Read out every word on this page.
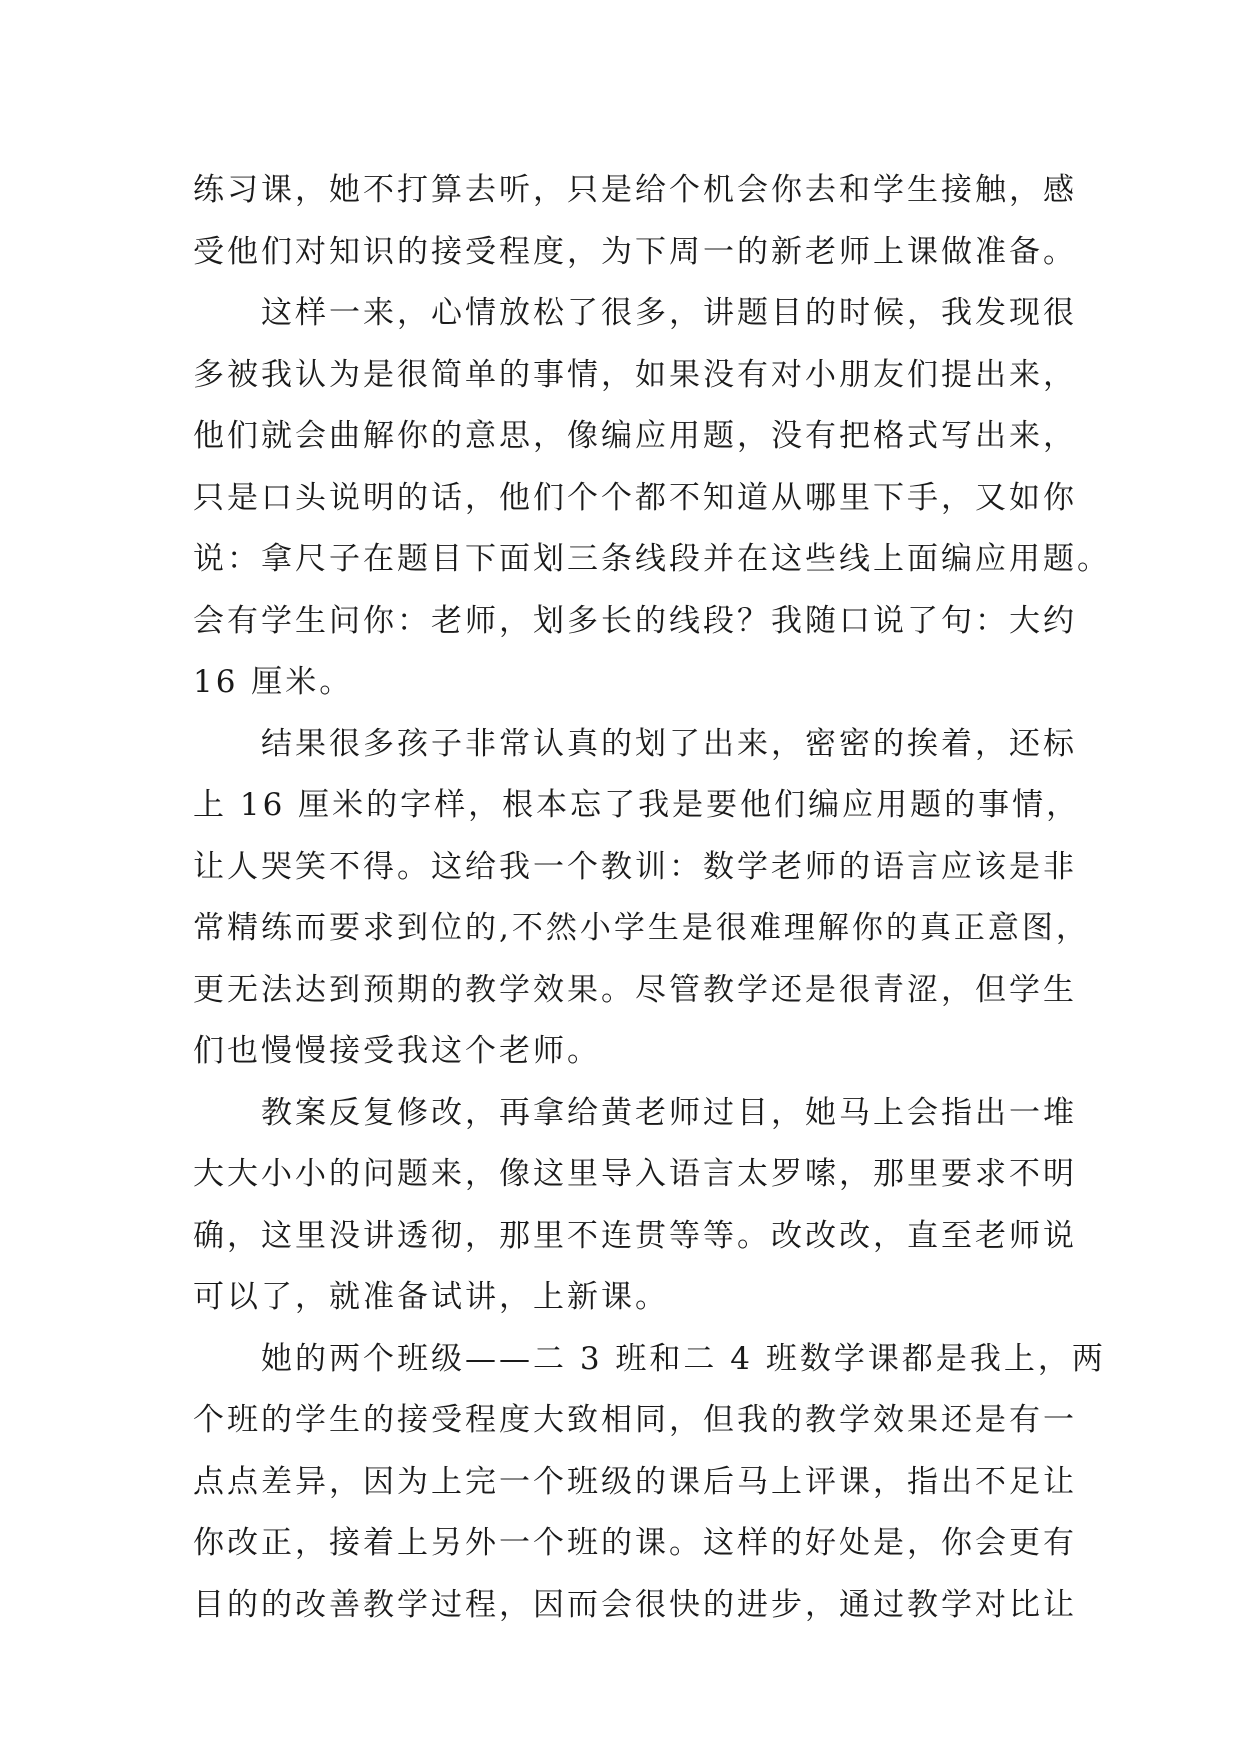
练习课，她不打算去听，只是给个机会你去和学生接触，感
受他们对知识的接受程度，为下周一的新老师上课做准备。
这样一来，心情放松了很多，讲题目的时候，我发现很
多被我认为是很简单的事情，如果没有对小朋友们提出来，
他们就会曲解你的意思，像编应用题，没有把格式写出来，
只是口头说明的话，他们个个都不知道从哪里下手，又如你
说：拿尺子在题目下面划三条线段并在这些线上面编应用题。
会有学生问你：老师，划多长的线段？我随口说了句：大约
16 厘米。
结果很多孩子非常认真的划了出来，密密的挨着，还标
上 16 厘米的字样，根本忘了我是要他们编应用题的事情，
让人哭笑不得。这给我一个教训：数学老师的语言应该是非
常精练而要求到位的,不然小学生是很难理解你的真正意图，
更无法达到预期的教学效果。尽管教学还是很青涩，但学生
们也慢慢接受我这个老师。
教案反复修改，再拿给黄老师过目，她马上会指出一堆
大大小小的问题来，像这里导入语言太罗嗦，那里要求不明
确，这里没讲透彻，那里不连贯等等。改改改，直至老师说
可以了，就准备试讲，上新课。
她的两个班级——二 3 班和二 4 班数学课都是我上，两
个班的学生的接受程度大致相同，但我的教学效果还是有一
点点差异，因为上完一个班级的课后马上评课，指出不足让
你改正，接着上另外一个班的课。这样的好处是，你会更有
目的的改善教学过程，因而会很快的进步，通过教学对比让
